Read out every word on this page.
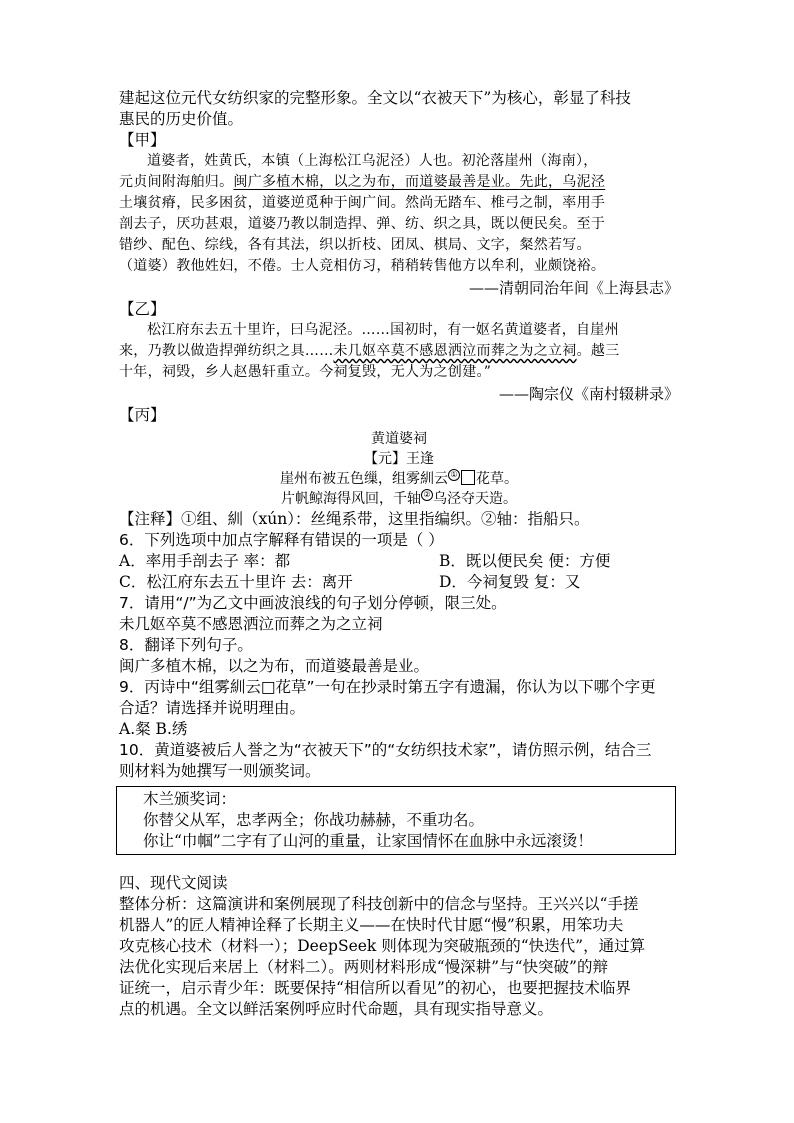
建起这位元代女纺织家的完整形象。全文以“衣被天下”为核心，彰显了科技

惠民的历史价值。

【甲】

道婆者，姓黄氏，本镇（上海松江乌泥泾）人也。初沦落崖州（海南），

元贞间附海舶归。闽广多植木棉，以之为布，而道婆最善是业。先此，乌泥泾

土壤贫瘠，民多困贫，道婆逆觅种于闽广间。然尚无踏车、椎弓之制，率用手

剖去子，厌功甚艰，道婆乃教以制造捍、弹、纺、织之具，既以便民矣。至于

错纱、配色、综线，各有其法，织以折枝、团凤、棋局、文字，粲然若写。

（道婆）教他姓妇，不倦。士人竞相仿习，稍稍转售他方以牟利，业颇饶裕。

——清朝同治年间《上海县志》

【乙】

松江府东去五十里许，曰乌泥泾。……国初时，有一妪名黄道婆者，自崖州

来，乃教以做造捍弹纺织之具……未几妪卒莫不感恩洒泣而葬之为之立祠。越三

十年，祠毁，乡人赵愚轩重立。今祠复毁，无人为之创建。”

——陶宗仪《南村辍耕录》

【丙】

黄道婆祠

【元】王逢

崖州布被五色缫，组雾紃云 ① 花草。

片帆鲸海得风回，千轴 ② 乌泾夺天造。

【注释】①组、紃（xún）：丝绳系带，这里指编织。②轴：指船只。

6．下列选项中加点字解释有错误的一项是（ ）

A．率用手剖去子 率：都	B．既以便民矣 便：方便
C．松江府东去五十里许 去：离开	D．今祠复毁 复：又

7．请用“/”为乙文中画波浪线的句子划分停顿，限三处。

未几妪卒莫不感恩洒泣而葬之为之立祠

8．翻译下列句子。

闽广多植木棉，以之为布，而道婆最善是业。

9．丙诗中“组雾紃云□花草”一句在抄录时第五字有遗漏，你认为以下哪个字更

合适？请选择并说明理由。

A.粲 B.绣

10．黄道婆被后人誉之为“衣被天下”的“女纺织技术家”，请仿照示例，结合三

则材料为她撰写一则颁奖词。

木兰颁奖词：

你替父从军，忠孝两全；你战功赫赫，不重功名。

你让“巾帼”二字有了山河的重量，让家国情怀在血脉中永远滚烫！

四、现代文阅读

整体分析：这篇演讲和案例展现了科技创新中的信念与坚持。王兴兴以“手搓

机器人”的匠人精神诠释了长期主义——在快时代甘愿“慢”积累，用笨功夫

攻克核心技术（材料一）；DeepSeek 则体现为突破瓶颈的“快迭代”，通过算

法优化实现后来居上（材料二）。两则材料形成“慢深耕”与“快突破”的辩

证统一，启示青少年：既要保持“相信所以看见”的初心，也要把握技术临界

点的机遇。全文以鲜活案例呼应时代命题，具有现实指导意义。
